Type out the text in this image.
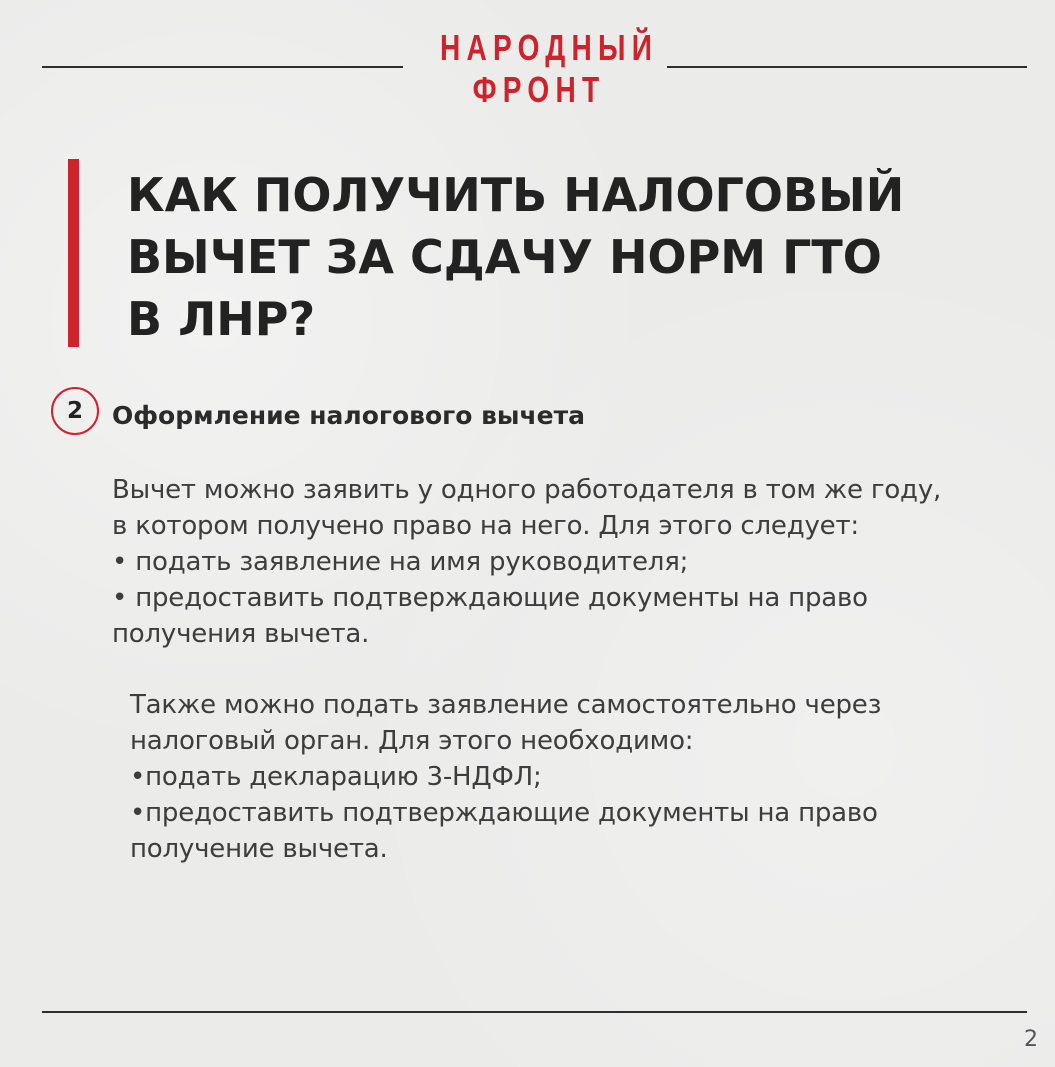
НАРОДНЫЙ
ФРОНТ
КАК ПОЛУЧИТЬ НАЛОГОВЫЙ
ВЫЧЕТ ЗА СДАЧУ НОРМ ГТО
В ЛНР?
2	Оформление налогового вычета

Вычет можно заявить у одного работодателя в том же году,
в котором получено право на него. Для этого следует:
• подать заявление на имя руководителя;
• предоставить подтверждающие документы на право
получения вычета.

Также можно подать заявление самостоятельно через
налоговый орган. Для этого необходимо:
•подать декларацию 3-НДФЛ;
•предоставить подтверждающие документы на право
получение вычета.

2
